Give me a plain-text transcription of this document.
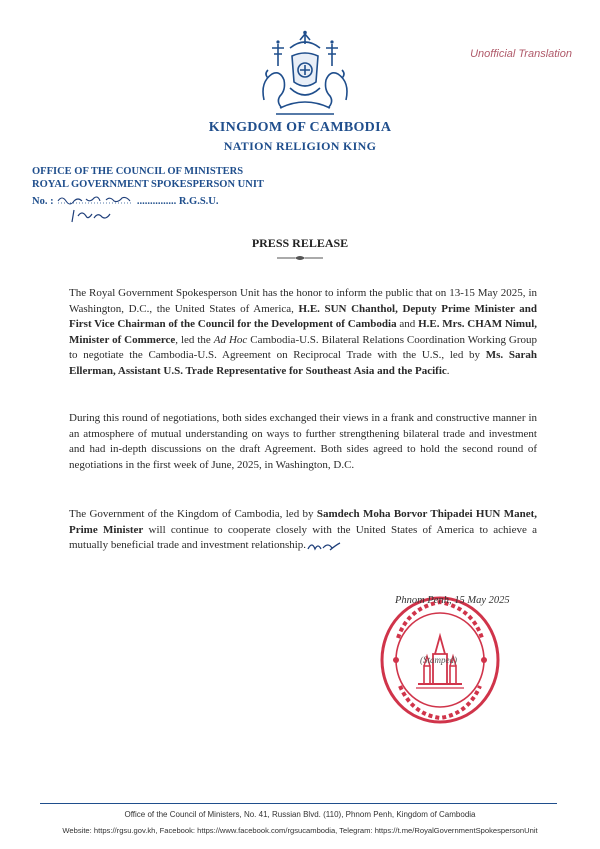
Unofficial Translation
KINGDOM OF CAMBODIA
NATION RELIGION KING
OFFICE OF THE COUNCIL OF MINISTERS
ROYAL GOVERNMENT SPOKESPERSON UNIT
No. :	............... R.G.S.U.
PRESS RELEASE
The Royal Government Spokesperson Unit has the honor to inform the public that on 13-15 May 2025, in Washington, D.C., the United States of America, H.E. SUN Chanthol, Deputy Prime Minister and First Vice Chairman of the Council for the Development of Cambodia and H.E. Mrs. CHAM Nimul, Minister of Commerce, led the Ad Hoc Cambodia-U.S. Bilateral Relations Coordination Working Group to negotiate the Cambodia-U.S. Agreement on Reciprocal Trade with the U.S., led by Ms. Sarah Ellerman, Assistant U.S. Trade Representative for Southeast Asia and the Pacific.
During this round of negotiations, both sides exchanged their views in a frank and constructive manner in an atmosphere of mutual understanding on ways to further strengthening bilateral trade and investment and had in-depth discussions on the draft Agreement. Both sides agreed to hold the second round of negotiations in the first week of June, 2025, in Washington, D.C.
The Government of the Kingdom of Cambodia, led by Samdech Moha Borvor Thipadei HUN Manet, Prime Minister will continue to cooperate closely with the United States of America to achieve a mutually beneficial trade and investment relationship.
Phnom Penh, 15 May 2025
(Stamped)
Office of the Council of Ministers, No. 41, Russian Blvd. (110), Phnom Penh, Kingdom of Cambodia
Website: https://rgsu.gov.kh, Facebook: https://www.facebook.com/rgsucambodia, Telegram: https://t.me/RoyalGovernmentSpokespersonUnit
